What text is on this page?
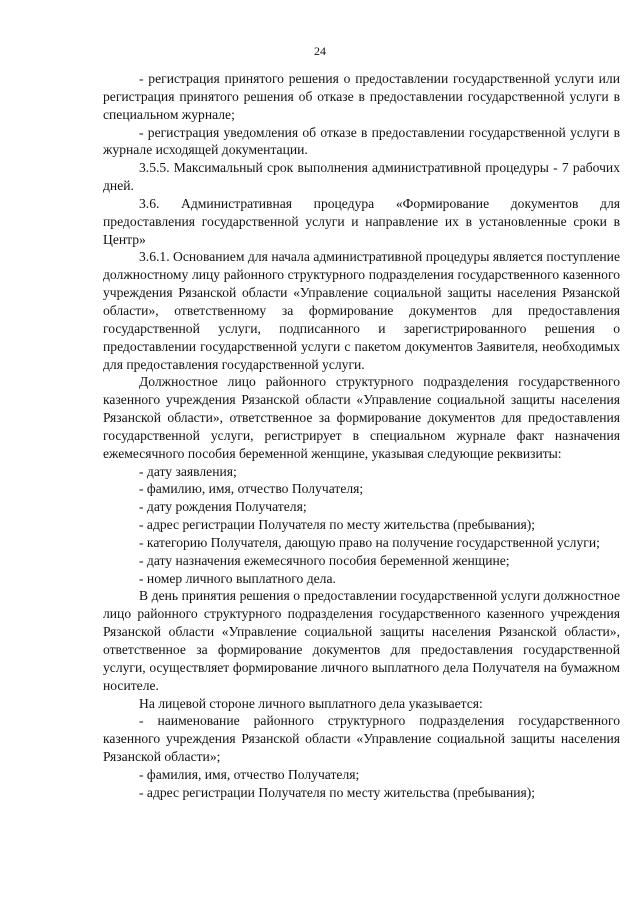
24

- регистрация принятого решения о предоставлении государственной услуги или регистрация принятого решения об отказе в предоставлении государственной услуги в специальном журнале;

- регистрация уведомления об отказе в предоставлении государственной услуги в журнале исходящей документации.

3.5.5. Максимальный срок выполнения административной процедуры - 7 рабочих дней.

3.6. Административная процедура «Формирование документов для предоставления государственной услуги и направление их в установленные сроки в Центр»

3.6.1. Основанием для начала административной процедуры является поступление должностному лицу районного структурного подразделения государственного казенного учреждения Рязанской области «Управление социальной защиты населения Рязанской области», ответственному за формирование документов для предоставления государственной услуги, подписанного и зарегистрированного решения о предоставлении государственной услуги с пакетом документов Заявителя, необходимых для предоставления государственной услуги.

Должностное лицо районного структурного подразделения государственного казенного учреждения Рязанской области «Управление социальной защиты населения Рязанской области», ответственное за формирование документов для предоставления государственной услуги, регистрирует в специальном журнале факт назначения ежемесячного пособия беременной женщине, указывая следующие реквизиты:

- дату заявления;

- фамилию, имя, отчество Получателя;

- дату рождения Получателя;

- адрес регистрации Получателя по месту жительства (пребывания);

- категорию Получателя, дающую право на получение государственной услуги;

- дату назначения ежемесячного пособия беременной женщине;

- номер личного выплатного дела.

В день принятия решения о предоставлении государственной услуги должностное лицо районного структурного подразделения государственного казенного учреждения Рязанской области «Управление социальной защиты населения Рязанской области», ответственное за формирование документов для предоставления государственной услуги, осуществляет формирование личного выплатного дела Получателя на бумажном носителе.

На лицевой стороне личного выплатного дела указывается:

- наименование районного структурного подразделения государственного казенного учреждения Рязанской области «Управление социальной защиты населения Рязанской области»;

- фамилия, имя, отчество Получателя;

- адрес регистрации Получателя по месту жительства (пребывания);
